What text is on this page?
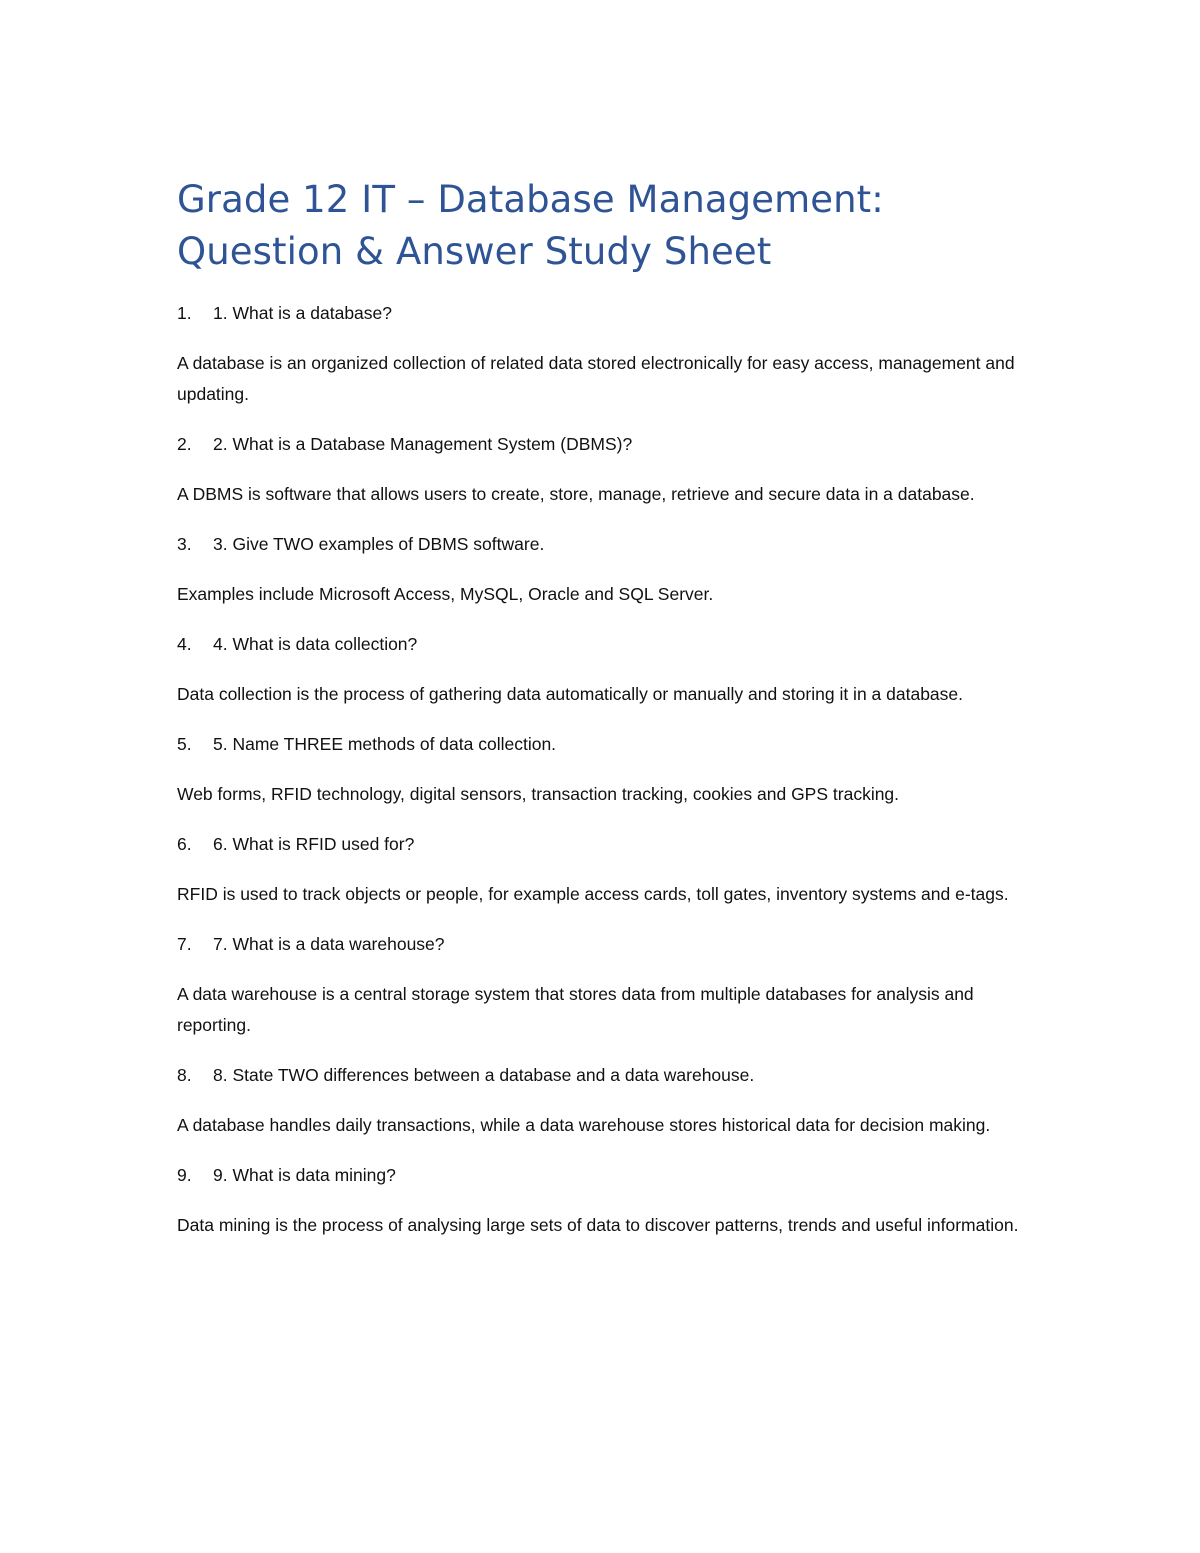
Grade 12 IT – Database Management: Question & Answer Study Sheet
1.	1. What is a database?

A database is an organized collection of related data stored electronically for easy access, management and updating.

2.	2. What is a Database Management System (DBMS)?

A DBMS is software that allows users to create, store, manage, retrieve and secure data in a database.

3.	3. Give TWO examples of DBMS software.

Examples include Microsoft Access, MySQL, Oracle and SQL Server.

4.	4. What is data collection?

Data collection is the process of gathering data automatically or manually and storing it in a database.

5.	5. Name THREE methods of data collection.

Web forms, RFID technology, digital sensors, transaction tracking, cookies and GPS tracking.

6.	6. What is RFID used for?

RFID is used to track objects or people, for example access cards, toll gates, inventory systems and e-tags.

7.	7. What is a data warehouse?

A data warehouse is a central storage system that stores data from multiple databases for analysis and reporting.

8.	8. State TWO differences between a database and a data warehouse.

A database handles daily transactions, while a data warehouse stores historical data for decision making.

9.	9. What is data mining?

Data mining is the process of analysing large sets of data to discover patterns, trends and useful information.
